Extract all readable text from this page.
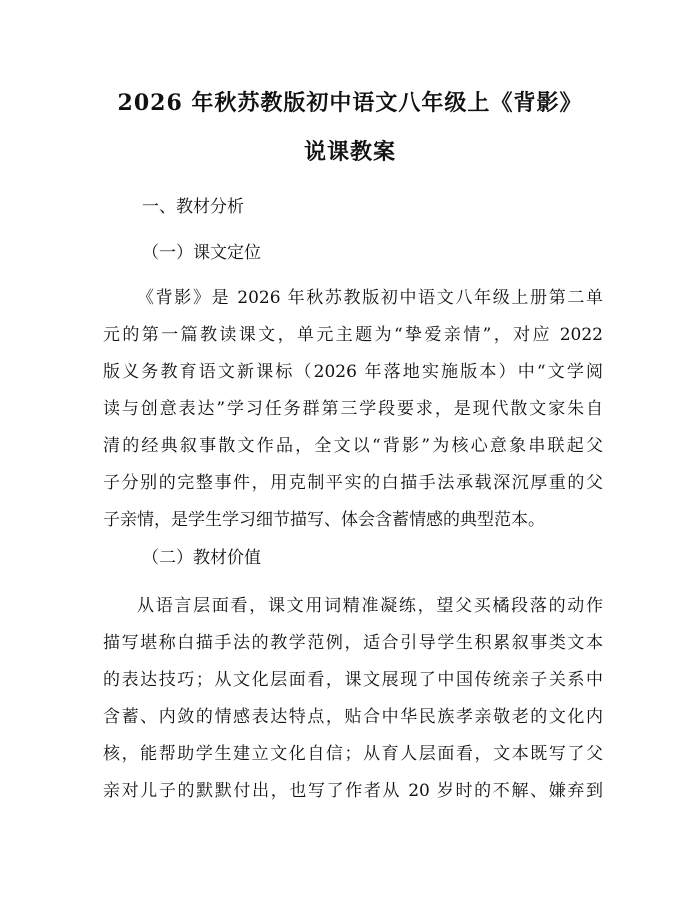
2026 年秋苏教版初中语文八年级上《背影》
说课教案
一、教材分析
（一）课文定位
《背影》是 2026 年秋苏教版初中语文八年级上册第二单
元的第一篇教读课文，单元主题为“挚爱亲情”，对应 2022
版义务教育语文新课标（2026 年落地实施版本）中“文学阅
读与创意表达”学习任务群第三学段要求，是现代散文家朱自
清的经典叙事散文作品，全文以“背影”为核心意象串联起父
子分别的完整事件，用克制平实的白描手法承载深沉厚重的父
子亲情，是学生学习细节描写、体会含蓄情感的典型范本。
（二）教材价值
从语言层面看，课文用词精准凝练，望父买橘段落的动作
描写堪称白描手法的教学范例，适合引导学生积累叙事类文本
的表达技巧；从文化层面看，课文展现了中国传统亲子关系中
含蓄、内敛的情感表达特点，贴合中华民族孝亲敬老的文化内
核，能帮助学生建立文化自信；从育人层面看，文本既写了父
亲对儿子的默默付出，也写了作者从 20 岁时的不解、嫌弃到
